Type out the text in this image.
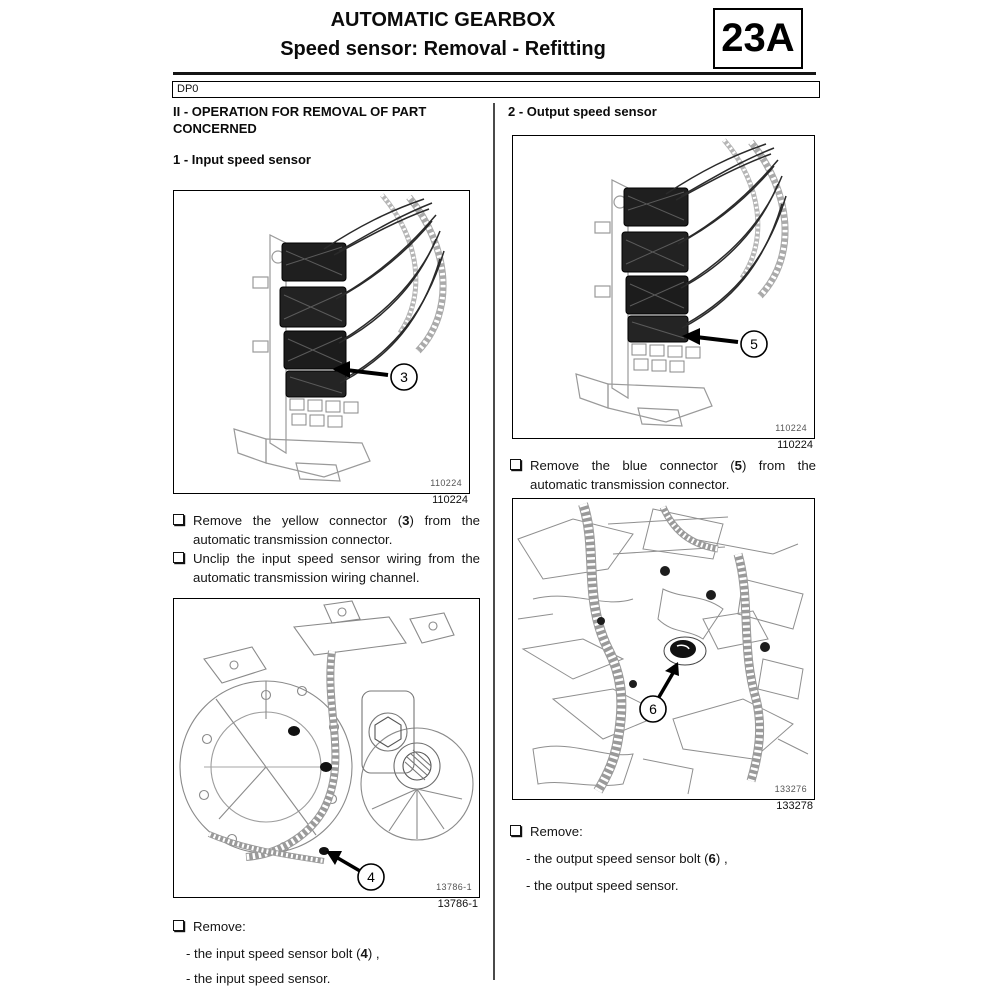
AUTOMATIC GEARBOX
Speed sensor: Removal - Refitting	23A
DP0
II - OPERATION FOR REMOVAL OF PART CONCERNED
1 - Input speed sensor
3
110224
110224

Remove the yellow connector (3) from the automatic transmission connector.

Unclip the input speed sensor wiring from the automatic transmission wiring channel.

4
13786-1
13786-1

Remove:

- the input speed sensor bolt (4) ,
- the input speed sensor.
2 - Output speed sensor
5
110224
110224

Remove the blue connector (5) from the automatic transmission connector.

6
133276
133278

Remove:

- the output speed sensor bolt (6) ,
- the output speed sensor.
